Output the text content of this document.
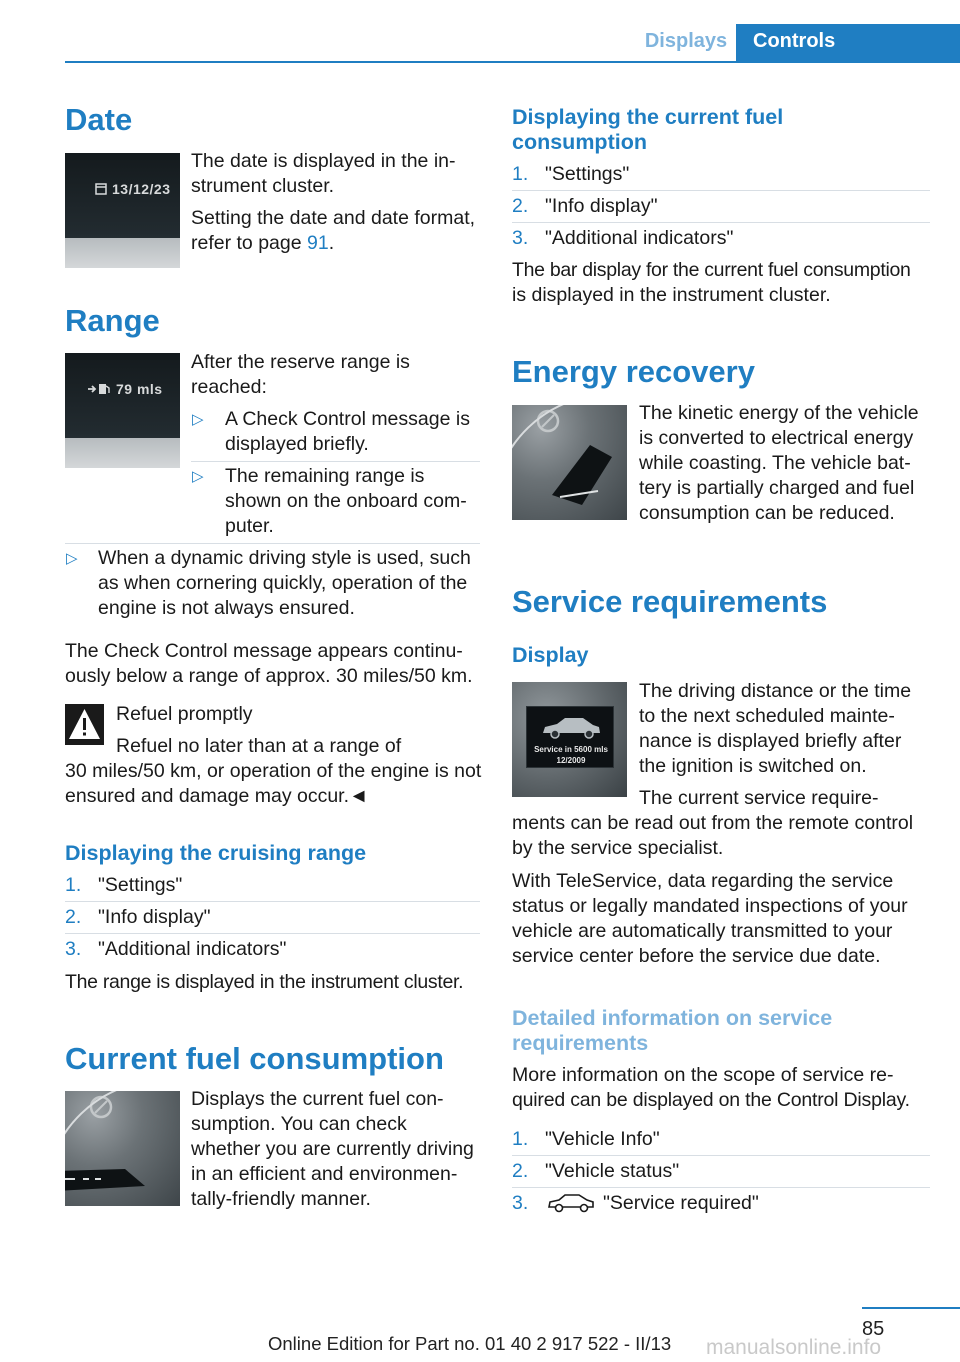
Displays	Controls
Date
13/12/23
The date is displayed in the in‐
strument cluster.
Setting the date and date format,
refer to page 91.
Range
79 mls
After the reserve range is
reached:
▷ A Check Control message is
displayed briefly.
▷ The remaining range is
shown on the onboard com‐
puter.
▷ When a dynamic driving style is used, such
as when cornering quickly, operation of the
engine is not always ensured.
The Check Control message appears continu‐
ously below a range of approx. 30 miles/50 km.
Refuel promptly
Refuel no later than at a range of
30 miles/50 km, or operation of the engine is not
ensured and damage may occur.◄
Displaying the cruising range
1. "Settings"
2. "Info display"
3. "Additional indicators"
The range is displayed in the instrument cluster.
Current fuel consumption
Displays the current fuel con‐
sumption. You can check
whether you are currently driving
in an efficient and environmen‐
tally-friendly manner.
Displaying the current fuel
consumption
1. "Settings"
2. "Info display"
3. "Additional indicators"
The bar display for the current fuel consumption
is displayed in the instrument cluster.
Energy recovery
The kinetic energy of the vehicle
is converted to electrical energy
while coasting. The vehicle bat‐
tery is partially charged and fuel
consumption can be reduced.
Service requirements
Display
Service in 5600 mls
12/2009
The driving distance or the time
to the next scheduled mainte‐
nance is displayed briefly after
the ignition is switched on.
The current service require‐
ments can be read out from the remote control
by the service specialist.
With TeleService, data regarding the service
status or legally mandated inspections of your
vehicle are automatically transmitted to your
service center before the service due date.
Detailed information on service
requirements
More information on the scope of service re‐
quired can be displayed on the Control Display.
1. "Vehicle Info"
2. "Vehicle status"
3.	"Service required"
85
Online Edition for Part no. 01 40 2 917 522 - II/13 manualsonline.info
